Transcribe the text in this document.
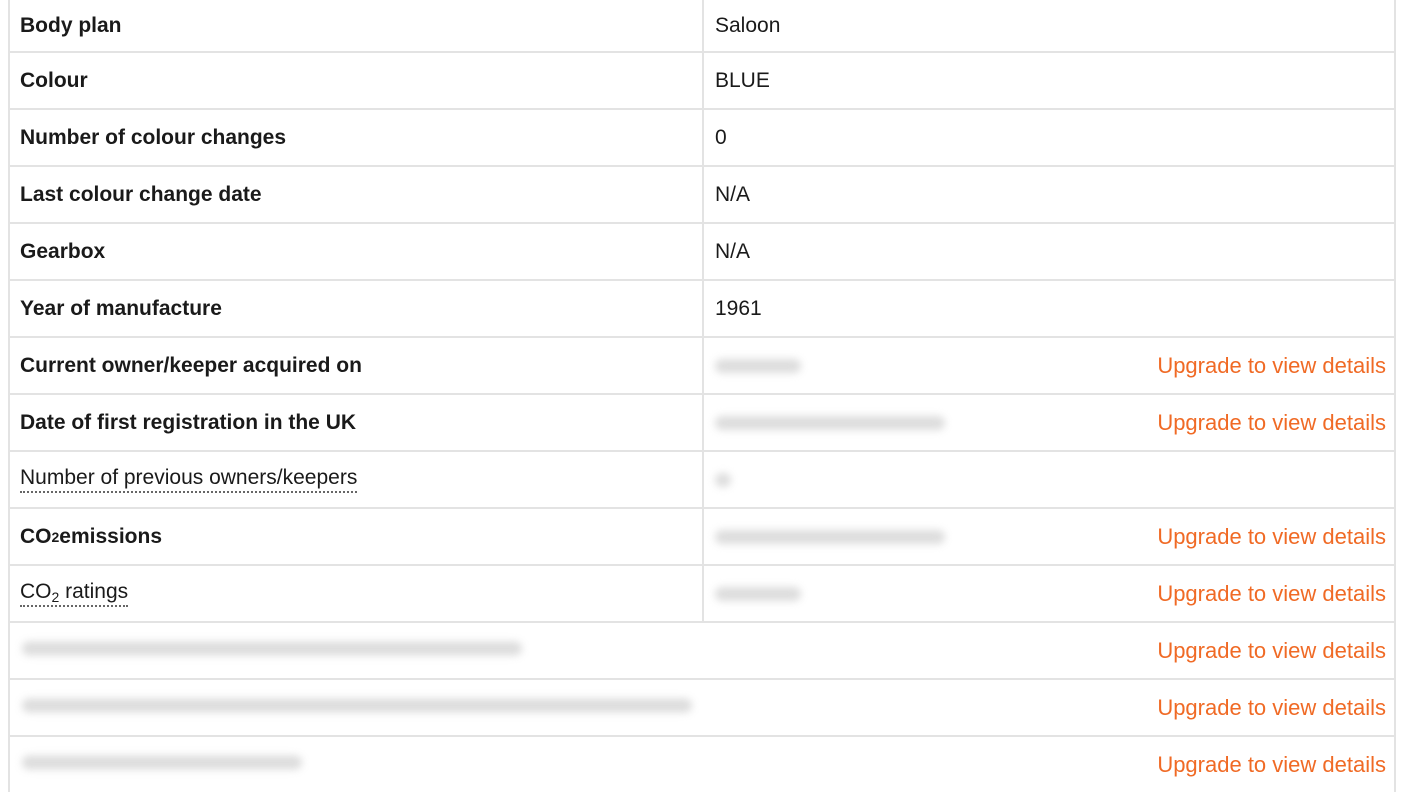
Body plan	Saloon
Colour	BLUE
Number of colour changes	0
Last colour change date	N/A
Gearbox	N/A
Year of manufacture	1961
Current owner/keeper acquired on	Upgrade to view details
Date of first registration in the UK	Upgrade to view details
Number of previous owners/keepers
CO 2 emissions	Upgrade to view details
$CO_2$ ratings	Upgrade to view details
Upgrade to view details
Upgrade to view details
Upgrade to view details
